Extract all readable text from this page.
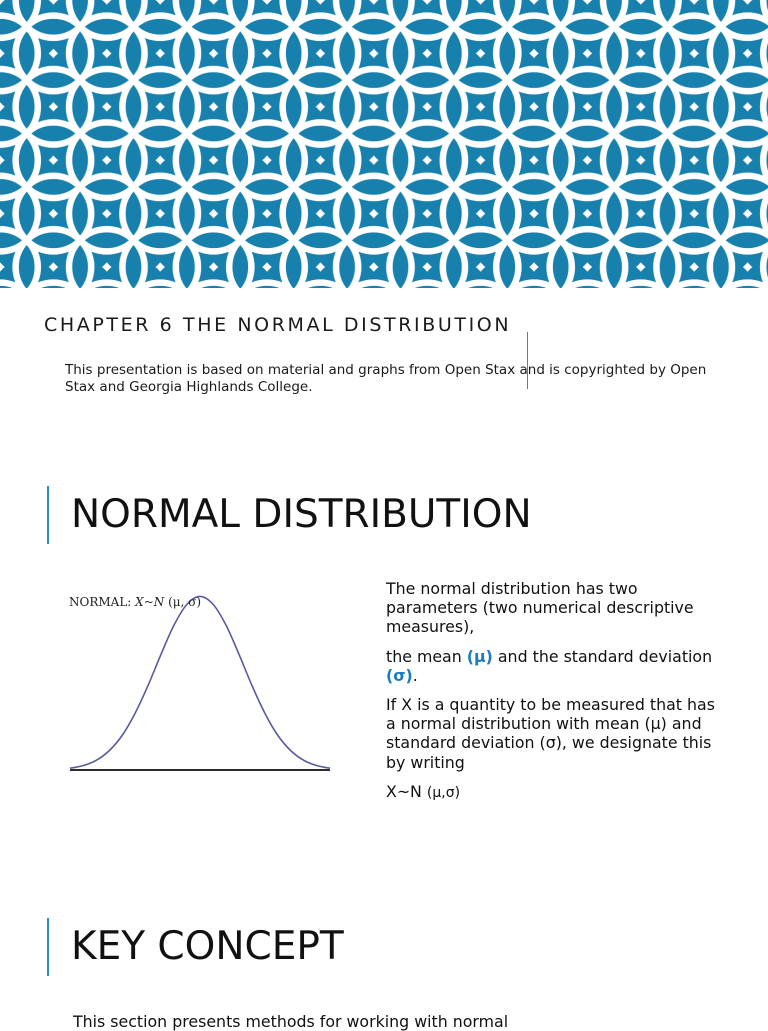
CHAPTER 6 THE NORMAL DISTRIBUTION
This presentation is based on material and graphs from Open Stax and is copyrighted by Open Stax and Georgia Highlands College.
NORMAL DISTRIBUTION
NORMAL: X~N (μ, σ)

The normal distribution has two parameters (two numerical descriptive measures),

the mean (μ) and the standard deviation (σ).

If X is a quantity to be measured that has a normal distribution with mean (μ) and standard deviation (σ), we designate this by writing

X~N (μ,σ)

KEY CONCEPT
This section presents methods for working with normal
